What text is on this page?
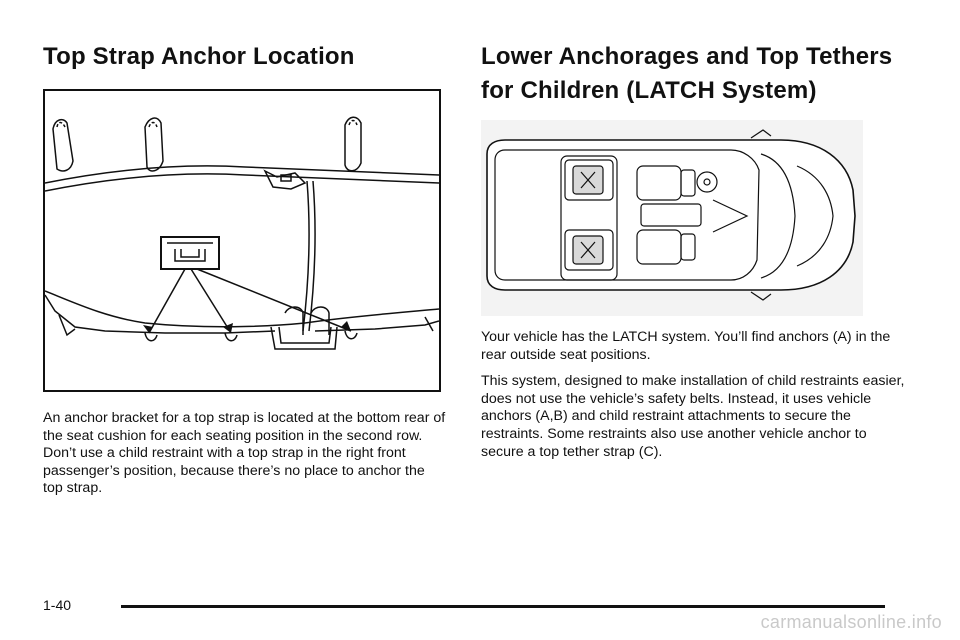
Top Strap Anchor Location

An anchor bracket for a top strap is located at the bottom rear of the seat cushion for each seating position in the second row. Don’t use a child restraint with a top strap in the right front passenger’s position, because there’s no place to anchor the top strap.

Lower Anchorages and Top Tethers for Children (LATCH System)

Your vehicle has the LATCH system. You’ll find anchors (A) in the rear outside seat positions.

This system, designed to make installation of child restraints easier, does not use the vehicle’s safety belts. Instead, it uses vehicle anchors (A,B) and child restraint attachments to secure the restraints. Some restraints also use another vehicle anchor to secure a top tether strap (C).

1-40
carmanualsonline.info
